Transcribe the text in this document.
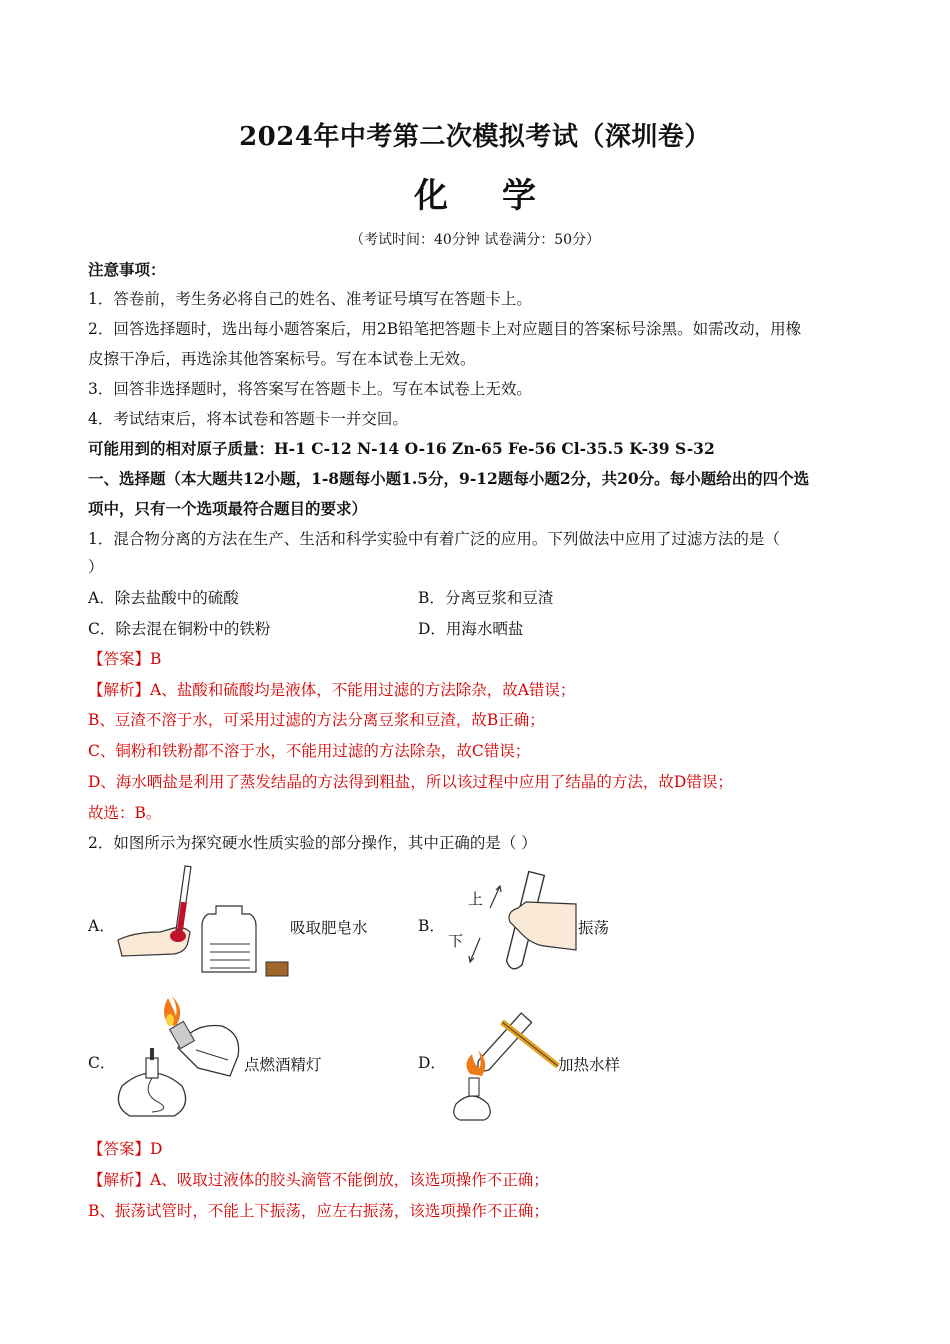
2024年中考第二次模拟考试（深圳卷）
化学
（考试时间：40分钟 试卷满分：50分）
注意事项：
1．答卷前，考生务必将自己的姓名、准考证号填写在答题卡上。
2．回答选择题时，选出每小题答案后，用2B铅笔把答题卡上对应题目的答案标号涂黑。如需改动，用橡
皮擦干净后，再选涂其他答案标号。写在本试卷上无效。
3．回答非选择题时，将答案写在答题卡上。写在本试卷上无效。
4．考试结束后，将本试卷和答题卡一并交回。
可能用到的相对原子质量：H-1 C-12 N-14 O-16 Zn-65 Fe-56 Cl-35.5 K-39 S-32
一、选择题（本大题共12小题，1-8题每小题1.5分，9-12题每小题2分，共20分。每小题给出的四个选
项中，只有一个选项最符合题目的要求）
1．混合物分离的方法在生产、生活和科学实验中有着广泛的应用。下列做法中应用了过滤方法的是（
）
A．除去盐酸中的硫酸	B．分离豆浆和豆渣
C．除去混在铜粉中的铁粉	D．用海水晒盐
【答案】B
【解析】A、盐酸和硫酸均是液体，不能用过滤的方法除杂，故A错误；
B、豆渣不溶于水，可采用过滤的方法分离豆浆和豆渣，故B正确；
C、铜粉和铁粉都不溶于水，不能用过滤的方法除杂，故C错误；
D、海水晒盐是利用了蒸发结晶的方法得到粗盐，所以该过程中应用了结晶的方法，故D错误；
故选：B。
2．如图所示为探究硬水性质实验的部分操作，其中正确的是（ ）
A．	吸取肥皂水	B．
上
下
振荡
C．	点燃酒精灯	D．	加热水样
【答案】D
【解析】A、吸取过液体的胶头滴管不能倒放，该选项操作不正确；
B、振荡试管时，不能上下振荡，应左右振荡，该选项操作不正确；
